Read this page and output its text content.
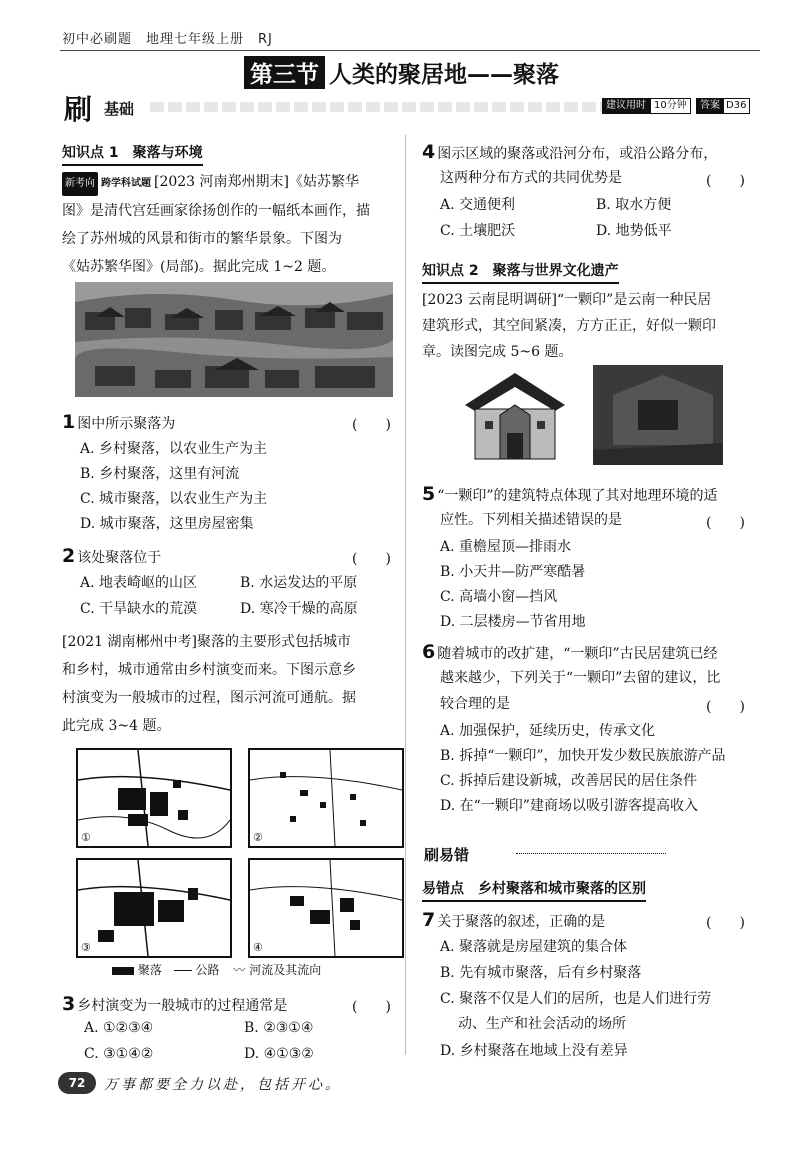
初中必刷题　地理七年级上册　RJ
第三节 人类的聚居地——聚落
刷 基础	建议用时 10分钟	答案 D36
知识点 1　聚落与环境
新考向 跨学科试题 [2023 河南郑州期末]《姑苏繁华
图》是清代宫廷画家徐扬创作的一幅纸本画作，描
绘了苏州城的风景和街市的繁华景象。下图为
《姑苏繁华图》(局部)。据此完成 1~2 题。
1 图中所示聚落为	(　　)
A. 乡村聚落，以农业生产为主
B. 乡村聚落，这里有河流
C. 城市聚落，以农业生产为主
D. 城市聚落，这里房屋密集
2 该处聚落位于	(　　)
A. 地表崎岖的山区	B. 水运发达的平原
C. 干旱缺水的荒漠	D. 寒冷干燥的高原
[2021 湖南郴州中考]聚落的主要形式包括城市
和乡村，城市通常由乡村演变而来。下图示意乡
村演变为一般城市的过程，图示河流可通航。据
此完成 3~4 题。
①	②
③	④
聚落	公路 〰 河流及其流向
3 乡村演变为一般城市的过程通常是	(　　)
A. ①②③④	B. ②③①④
C. ③①④②	D. ④①③②
4 图示区域的聚落或沿河分布，或沿公路分布，
这两种分布方式的共同优势是	(　　)
A. 交通便利	B. 取水方便
C. 土壤肥沃	D. 地势低平
知识点 2　聚落与世界文化遗产
[2023 云南昆明调研]“一颗印”是云南一种民居
建筑形式，其空间紧凑，方方正正，好似一颗印
章。读图完成 5~6 题。
5 “一颗印”的建筑特点体现了其对地理环境的适
应性。下列相关描述错误的是	(　　)
A. 重檐屋顶—排雨水
B. 小天井—防严寒酷暑
C. 高墙小窗—挡风
D. 二层楼房—节省用地
6 随着城市的改扩建，“一颗印”古民居建筑已经
越来越少，下列关于“一颗印”去留的建议，比
较合理的是	(　　)
A. 加强保护，延续历史，传承文化
B. 拆掉“一颗印”，加快开发少数民族旅游产品
C. 拆掉后建设新城，改善居民的居住条件
D. 在“一颗印”建商场以吸引游客提高收入
刷易错
易错点　乡村聚落和城市聚落的区别
7 关于聚落的叙述，正确的是	(　　)
A. 聚落就是房屋建筑的集合体
B. 先有城市聚落，后有乡村聚落
C. 聚落不仅是人们的居所，也是人们进行劳
动、生产和社会活动的场所
D. 乡村聚落在地域上没有差异
72	万事都要全力以赴，包括开心。
